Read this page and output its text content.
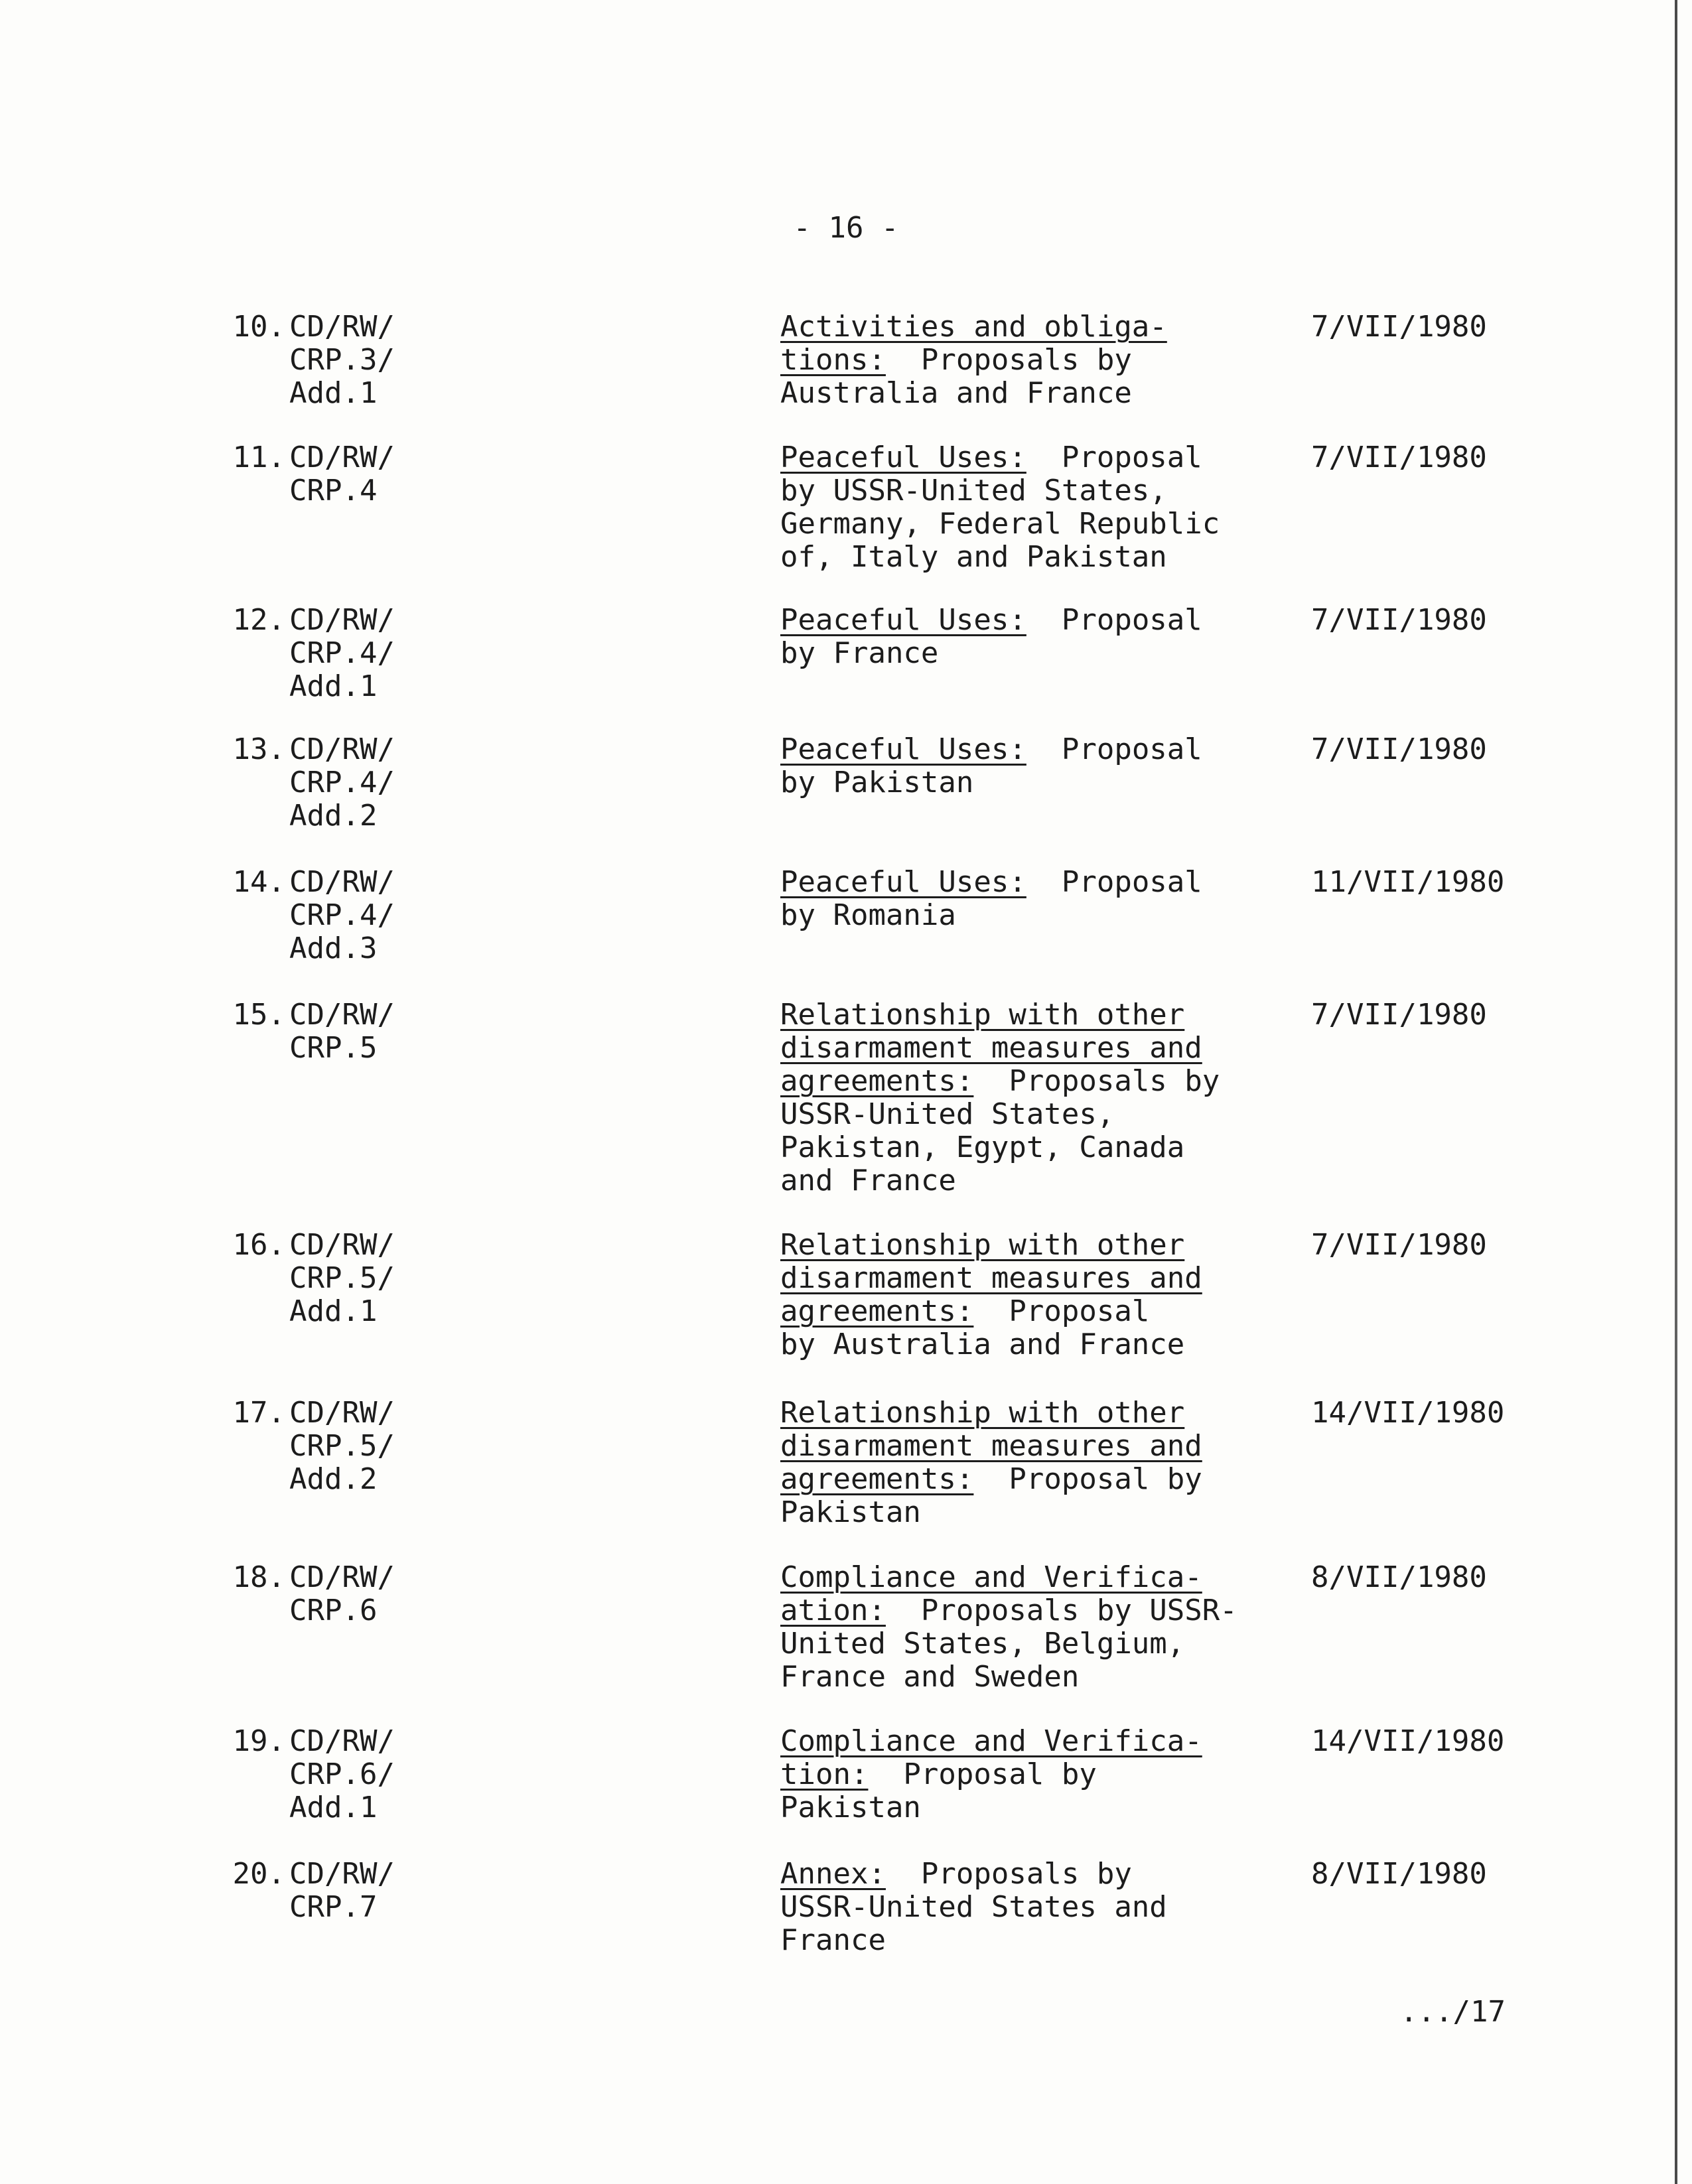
- 16 -
10. CD/RW/
CRP.3/
Add.1
Activities and obliga-
tions:  Proposals by
Australia and France
7/VII/1980
11. CD/RW/
CRP.4
Peaceful Uses:  Proposal
by USSR-United States,
Germany, Federal Republic
of, Italy and Pakistan
7/VII/1980
12. CD/RW/
CRP.4/
Add.1
Peaceful Uses:  Proposal
by France
7/VII/1980
13. CD/RW/
CRP.4/
Add.2
Peaceful Uses:  Proposal
by Pakistan
7/VII/1980
14. CD/RW/
CRP.4/
Add.3
Peaceful Uses:  Proposal
by Romania
11/VII/1980
15. CD/RW/
CRP.5
Relationship with other
disarmament measures and
agreements:  Proposals by
USSR-United States,
Pakistan, Egypt, Canada
and France
7/VII/1980
16. CD/RW/
CRP.5/
Add.1
Relationship with other
disarmament measures and
agreements:  Proposal
by Australia and France
7/VII/1980
17. CD/RW/
CRP.5/
Add.2
Relationship with other
disarmament measures and
agreements:  Proposal by
Pakistan
14/VII/1980
18. CD/RW/
CRP.6
Compliance and Verifica-
ation:  Proposals by USSR-
United States, Belgium,
France and Sweden
8/VII/1980
19. CD/RW/
CRP.6/
Add.1
Compliance and Verifica-
tion:  Proposal by
Pakistan
14/VII/1980
20. CD/RW/
CRP.7
Annex:  Proposals by
USSR-United States and
France
8/VII/1980
.../17
